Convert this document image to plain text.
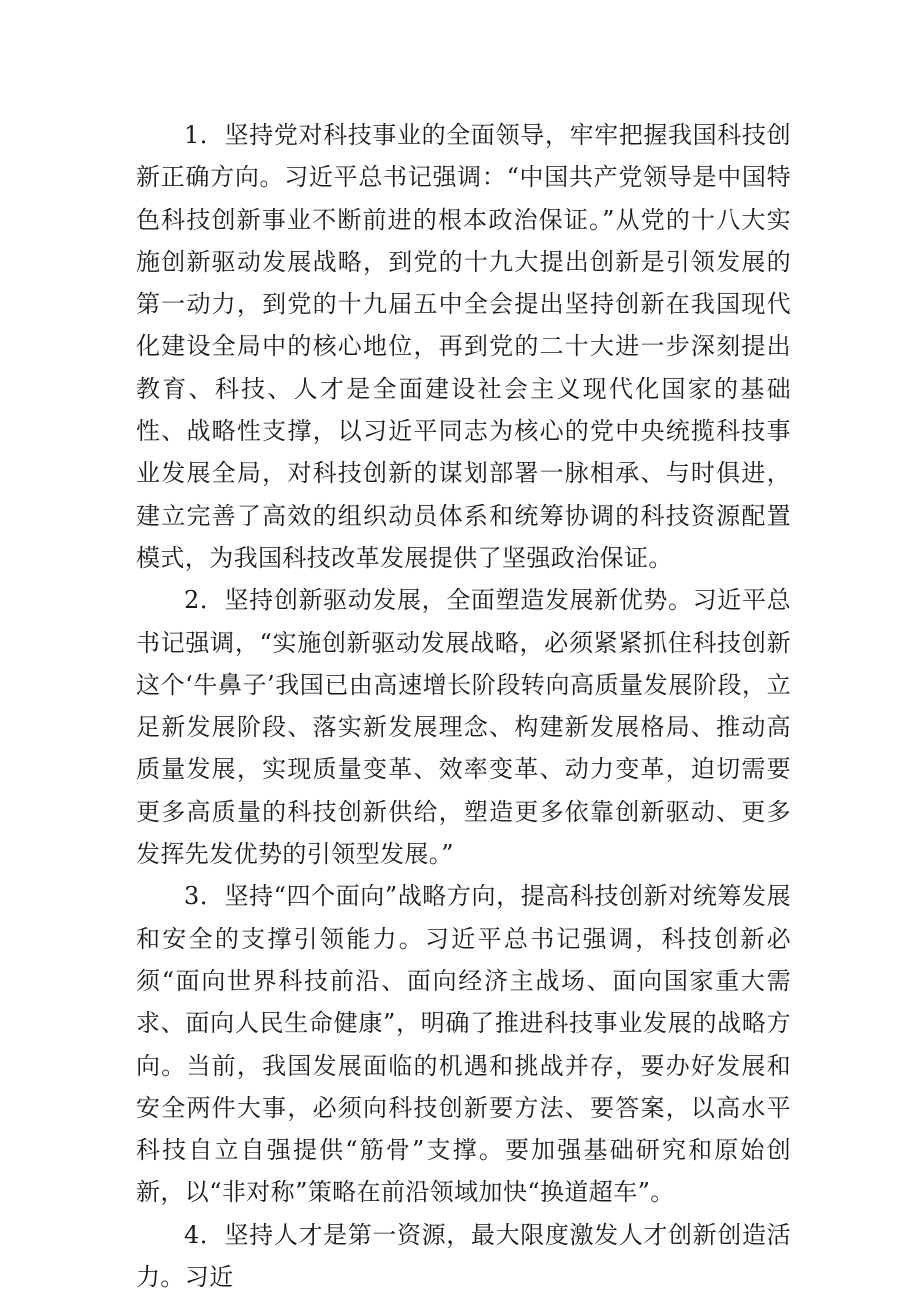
1．坚持党对科技事业的全面领导，牢牢把握我国科技创新正确方向。习近平总书记强调：“中国共产党领导是中国特色科技创新事业不断前进的根本政治保证。”从党的十八大实施创新驱动发展战略，到党的十九大提出创新是引领发展的第一动力，到党的十九届五中全会提出坚持创新在我国现代化建设全局中的核心地位，再到党的二十大进一步深刻提出教育、科技、人才是全面建设社会主义现代化国家的基础性、战略性支撑，以习近平同志为核心的党中央统揽科技事业发展全局，对科技创新的谋划部署一脉相承、与时俱进，建立完善了高效的组织动员体系和统筹协调的科技资源配置模式，为我国科技改革发展提供了坚强政治保证。

2．坚持创新驱动发展，全面塑造发展新优势。习近平总书记强调，“实施创新驱动发展战略，必须紧紧抓住科技创新这个‘牛鼻子’我国已由高速增长阶段转向高质量发展阶段，立足新发展阶段、落实新发展理念、构建新发展格局、推动高质量发展，实现质量变革、效率变革、动力变革，迫切需要更多高质量的科技创新供给，塑造更多依靠创新驱动、更多发挥先发优势的引领型发展。”

3．坚持“四个面向”战略方向，提高科技创新对统筹发展和安全的支撑引领能力。习近平总书记强调，科技创新必须“面向世界科技前沿、面向经济主战场、面向国家重大需求、面向人民生命健康”，明确了推进科技事业发展的战略方向。当前，我国发展面临的机遇和挑战并存，要办好发展和安全两件大事，必须向科技创新要方法、要答案，以高水平科技自立自强提供“筋骨”支撑。要加强基础研究和原始创新，以“非对称”策略在前沿领域加快“换道超车”。

4．坚持人才是第一资源，最大限度激发人才创新创造活力。习近
